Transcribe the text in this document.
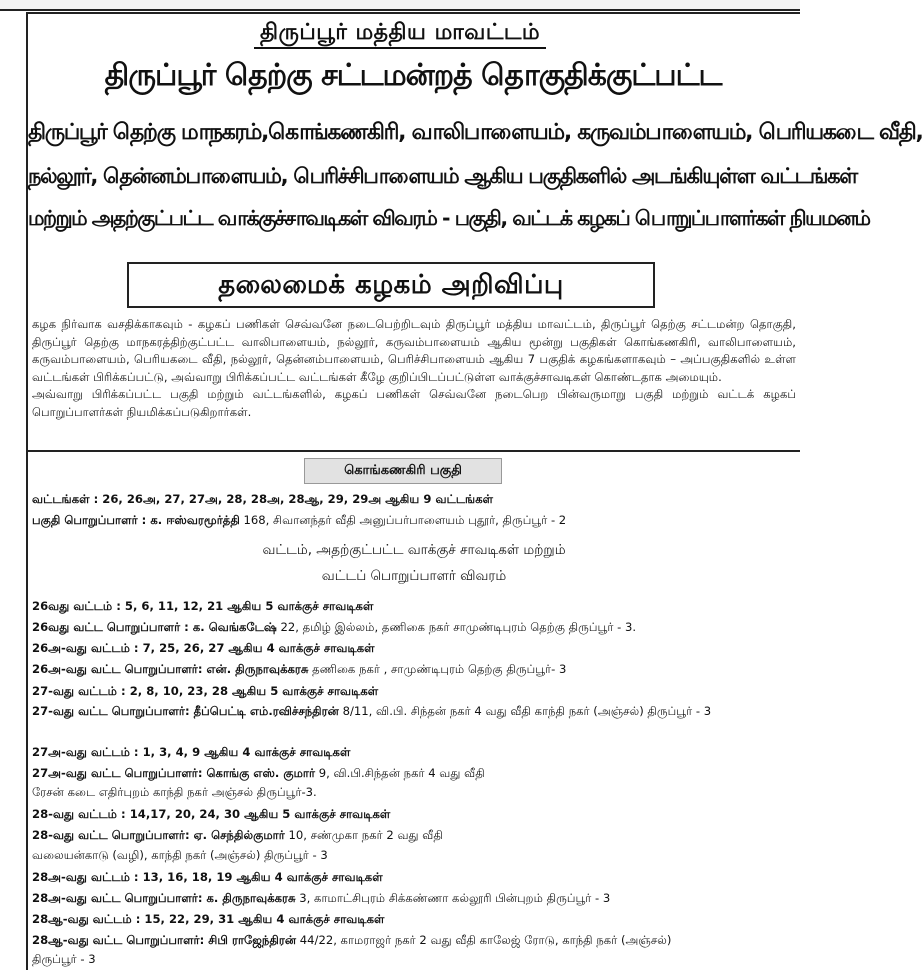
திருப்பூர் மத்திய மாவட்டம்
திருப்பூர் தெற்கு சட்டமன்றத் தொகுதிக்குட்பட்ட
திருப்பூர் தெற்கு மாநகரம்,கொங்கணகிரி, வாலிபாளையம், கருவம்பாளையம், பெரியகடை வீதி,
நல்லூர், தென்னம்பாளையம், பெரிச்சிபாளையம் ஆகிய பகுதிகளில் அடங்கியுள்ள வட்டங்கள்
மற்றும் அதற்குட்பட்ட வாக்குச்சாவடிகள் விவரம் - பகுதி, வட்டக் கழகப் பொறுப்பாளர்கள் நியமனம்
தலைமைக் கழகம் அறிவிப்பு

கழக நிர்வாக வசதிக்காகவும் - கழகப் பணிகள் செவ்வனே நடைபெற்றிடவும் திருப்பூர் மத்திய மாவட்டம், திருப்பூர் தெற்கு சட்டமன்ற தொகுதி, திருப்பூர் தெற்கு மாநகரத்திற்குட்பட்ட வாலிபாளையம், நல்லூர், கருவம்பாளையம் ஆகிய மூன்று பகுதிகள் கொங்கணகிரி, வாலிபாளையம், கருவம்பாளையம், பெரியகடை வீதி, நல்லூர், தென்னம்பாளையம், பெரிச்சிபாளையம் ஆகிய 7 பகுதிக் கழகங்களாகவும் – அப்பகுதிகளில் உள்ள வட்டங்கள் பிரிக்கப்பட்டு, அவ்வாறு பிரிக்கப்பட்ட வட்டங்கள் கீழே குறிப்பிடப்பட்டுள்ள வாக்குச்சாவடிகள் கொண்டதாக அமையும்.

அவ்வாறு பிரிக்கப்பட்ட பகுதி மற்றும் வட்டங்களில், கழகப் பணிகள் செவ்வனே நடைபெற பின்வருமாறு பகுதி மற்றும் வட்டக் கழகப் பொறுப்பாளர்கள் நியமிக்கப்படுகிறார்கள்.

கொங்கணகிரி பகுதி
வட்டங்கள் : 26, 26அ, 27, 27அ, 28, 28அ, 28ஆ, 29, 29அ ஆகிய 9 வட்டங்கள்
பகுதி பொறுப்பாளர் : க. ஈஸ்வரமூர்த்தி 168, சிவானந்தர் வீதி அனுப்பர்பாளையம் புதூர், திருப்பூர் - 2
வட்டம், அதற்குட்பட்ட வாக்குச் சாவடிகள் மற்றும்
வட்டப் பொறுப்பாளர் விவரம்
26வது வட்டம் : 5, 6, 11, 12, 21 ஆகிய 5 வாக்குச் சாவடிகள்
26வது வட்ட பொறுப்பாளர் : க. வெங்கடேஷ் 22, தமிழ் இல்லம், தணிகை நகர் சாமுண்டிபுரம் தெற்கு திருப்பூர் - 3.
26அ-வது வட்டம் : 7, 25, 26, 27 ஆகிய 4 வாக்குச் சாவடிகள்
26அ-வது வட்ட பொறுப்பாளர்: என். திருநாவுக்கரசு தணிகை நகர் , சாமுண்டிபுரம் தெற்கு திருப்பூர்- 3
27-வது வட்டம் : 2, 8, 10, 23, 28 ஆகிய 5 வாக்குச் சாவடிகள்
27-வது வட்ட பொறுப்பாளர்: தீப்பெட்டி எம்.ரவிச்சந்திரன் 8/11, வி.பி. சிந்தன் நகர் 4 வது வீதி காந்தி நகர் (அஞ்சல்) திருப்பூர் - 3
27அ-வது வட்டம் : 1, 3, 4, 9 ஆகிய 4 வாக்குச் சாவடிகள்
27அ-வது வட்ட பொறுப்பாளர்: கொங்கு எஸ். குமார் 9, வி.பி.சிந்தன் நகர் 4 வது வீதி
ரேசன் கடை எதிர்புறம் காந்தி நகர் அஞ்சல் திருப்பூர்-3.
28-வது வட்டம் : 14,17, 20, 24, 30 ஆகிய 5 வாக்குச் சாவடிகள்
28-வது வட்ட பொறுப்பாளர்: ஏ. செந்தில்குமார் 10, சண்முகா நகர் 2 வது வீதி
வலையன்காடு (வழி), காந்தி நகர் (அஞ்சல்) திருப்பூர் - 3
28அ-வது வட்டம் : 13, 16, 18, 19 ஆகிய 4 வாக்குச் சாவடிகள்
28அ-வது வட்ட பொறுப்பாளர்: க. திருநாவுக்கரசு 3, காமாட்சிபுரம் சிக்கண்ணா கல்லூரி பின்புறம் திருப்பூர் - 3
28ஆ-வது வட்டம் : 15, 22, 29, 31 ஆகிய 4 வாக்குச் சாவடிகள்
28ஆ-வது வட்ட பொறுப்பாளர்: சிபி ராஜேந்திரன் 44/22, காமராஜர் நகர் 2 வது வீதி காலேஜ் ரோடு, காந்தி நகர் (அஞ்சல்)
திருப்பூர் - 3
